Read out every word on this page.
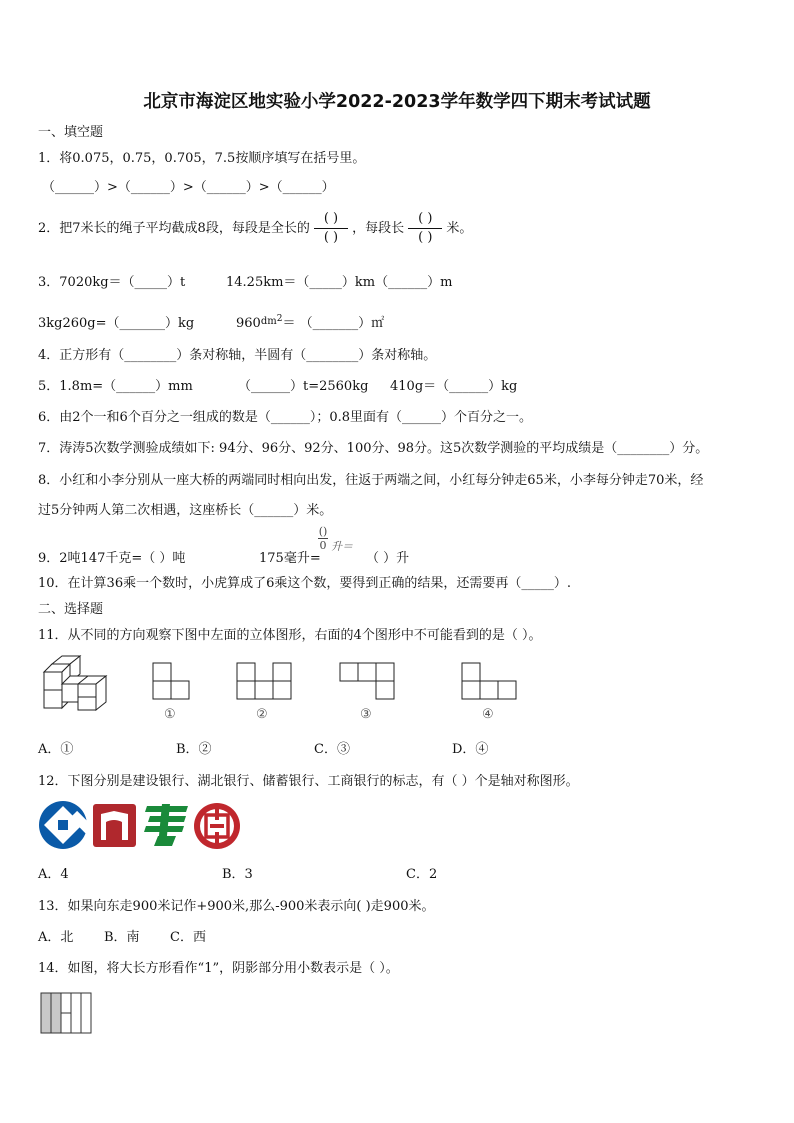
北京市海淀区地实验小学2022-2023学年数学四下期末考试试题
一、填空题
1．将0.075，0.75，0.705，7.5按顺序填写在括号里。
（______）>（______）>（______）>（______）
2．把7米长的绳子平均截成8段，每段是全长的 $\frac{( )}{( )}$ ，每段长 $\frac{( )}{( )}$ 米。
3．7020kg＝（_____）t	14.25km＝（_____）km（______）m
3kg260g=（_______）kg	$960^{dm2}=$ （_______）㎡
4．正方形有（________）条对称轴，半圆有（________）条对称轴。
5．1.8m=（______）mm	（______）t=2560kg 410g＝（______）kg
6．由2个一和6个百分之一组成的数是（______）；0.8里面有（______）个百分之一。
7．涛涛5次数学测验成绩如下: 94分、96分、92分、100分、98分。这5次数学测验的平均成绩是（________）分。
8．小红和小李分别从一座大桥的两端同时相向出发，往返于两端之间，小红每分钟走65米，小李每分钟走70米，经
过5分钟两人第二次相遇，这座桥长（______）米。
9．2吨147千克=（ ）吨	175毫升=
()
0 升＝
（ ）升
10．在计算36乘一个数时，小虎算成了6乘这个数，要得到正确的结果，还需要再（_____）.
二、选择题
11．从不同的方向观察下图中左面的立体图形，右面的4个图形中不可能看到的是（ ）。
①	②	③	④
A．①	B．②	C．③	D．④
12．下图分别是建设银行、湖北银行、储蓄银行、工商银行的标志，有（ ）个是轴对称图形。
A．4	B．3	C．2
13．如果向东走900米记作+900米,那么-900米表示向( )走900米。
A．北 B．南 C．西
14．如图，将大长方形看作“1”，阴影部分用小数表示是（ ）。
